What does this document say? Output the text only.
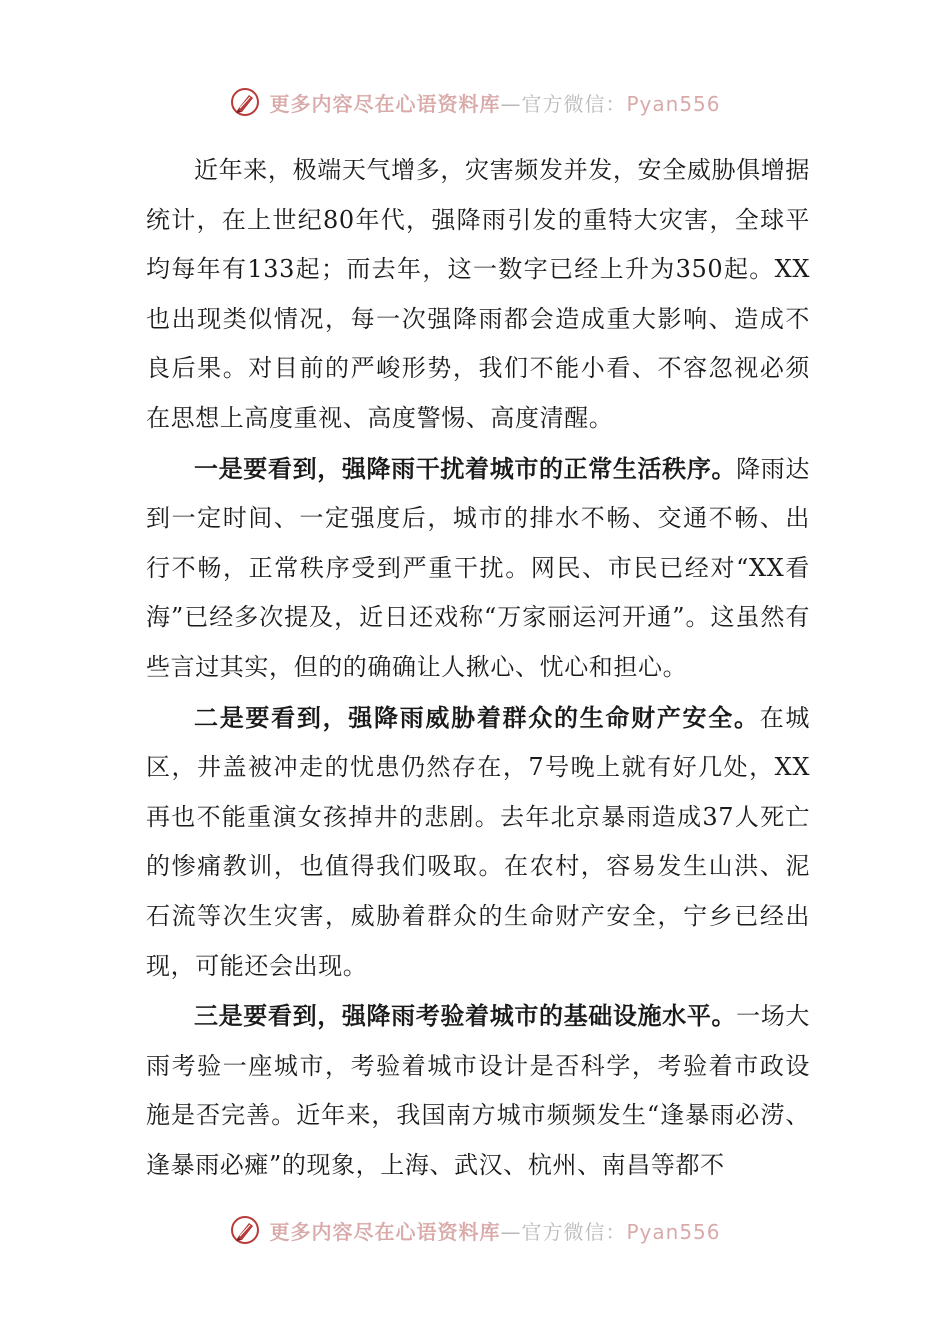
更多内容尽在心语资料库—官方微信：Pyan556

近年来，极端天气增多，灾害频发并发，安全威胁俱增据统计，在上世纪80年代，强降雨引发的重特大灾害，全球平均每年有133起；而去年，这一数字已经上升为350起。XX也出现类似情况，每一次强降雨都会造成重大影响、造成不良后果。对目前的严峻形势，我们不能小看、不容忽视必须在思想上高度重视、高度警惕、高度清醒。

一是要看到，强降雨干扰着城市的正常生活秩序。降雨达到一定时间、一定强度后，城市的排水不畅、交通不畅、出行不畅，正常秩序受到严重干扰。网民、市民已经对“XX看海”已经多次提及，近日还戏称“万家丽运河开通”。这虽然有些言过其实，但的的确确让人揪心、忧心和担心。

二是要看到，强降雨威胁着群众的生命财产安全。在城区，井盖被冲走的忧患仍然存在，7号晚上就有好几处，XX再也不能重演女孩掉井的悲剧。去年北京暴雨造成37人死亡的惨痛教训，也值得我们吸取。在农村，容易发生山洪、泥石流等次生灾害，威胁着群众的生命财产安全，宁乡已经出现，可能还会出现。

三是要看到，强降雨考验着城市的基础设施水平。一场大雨考验一座城市，考验着城市设计是否科学，考验着市政设施是否完善。近年来，我国南方城市频频发生“逢暴雨必涝、逢暴雨必瘫”的现象，上海、武汉、杭州、南昌等都不

更多内容尽在心语资料库—官方微信：Pyan556
